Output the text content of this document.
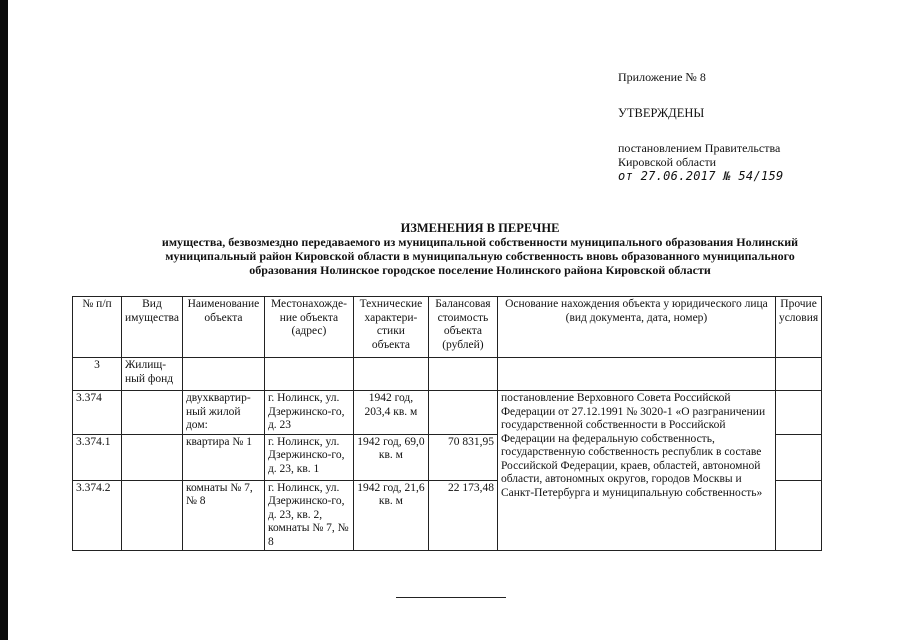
Приложение № 8

УТВЕРЖДЕНЫ

постановлением Правительства

Кировской области

от 27.06.2017 № 54/159

ИЗМЕНЕНИЯ В ПЕРЕЧНЕ
имущества, безвозмездно передаваемого из муниципальной собственности муниципального образования Нолинский
муниципальный район Кировской области в муниципальную собственность вновь образованного муниципального
образования Нолинское городское поселение Нолинского района Кировской области
№ п/п	Вид имущества	Наименование объекта	Местонахожде-ние объекта (адрес)	Технические характери-стики объекта	Балансовая стоимость объекта (рублей)	Основание нахождения объекта у юридического лица (вид документа, дата, номер)	Прочие условия
3	Жилищ-ный фонд						
3.374		двухквартир-ный жилой дом:	г. Нолинск, ул. Дзержинско-го, д. 23	1942 год, 203,4 кв. м		постановление Верховного Совета Российской Федерации от 27.12.1991 № 3020-1 «О разграничении государственной собственности в Российской Федерации на федеральную собственность, государственную собственность республик в составе Российской Федерации, краев, областей, автономной области, автономных округов, городов Москвы и Санкт-Петербурга и муниципальную собственность»	
3.374.1		квартира № 1	г. Нолинск, ул. Дзержинско-го, д. 23, кв. 1	1942 год, 69,0 кв. м	70 831,95		
3.374.2		комнаты № 7, № 8	г. Нолинск, ул. Дзержинско-го, д. 23, кв. 2, комнаты № 7, № 8	1942 год, 21,6 кв. м	22 173,48		
